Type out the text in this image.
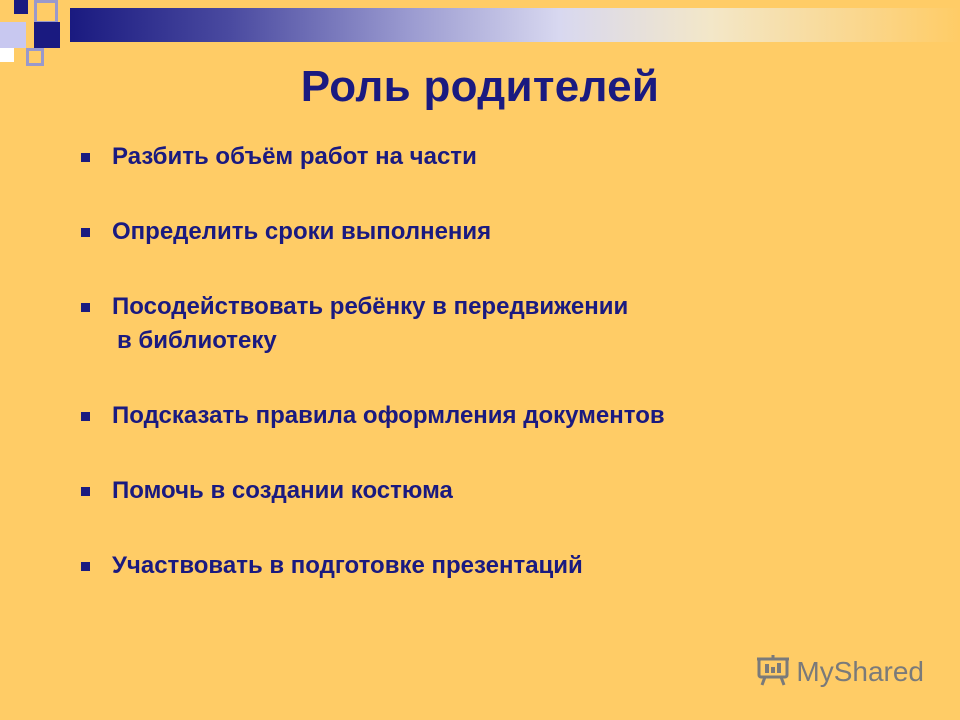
Роль родителей
Разбить объём работ на части
Определить сроки выполнения
Посодействовать ребёнку в передвижении
в библиотеку
Подсказать правила оформления документов
Помочь в создании костюма
Участвовать в подготовке презентаций
MyShared
